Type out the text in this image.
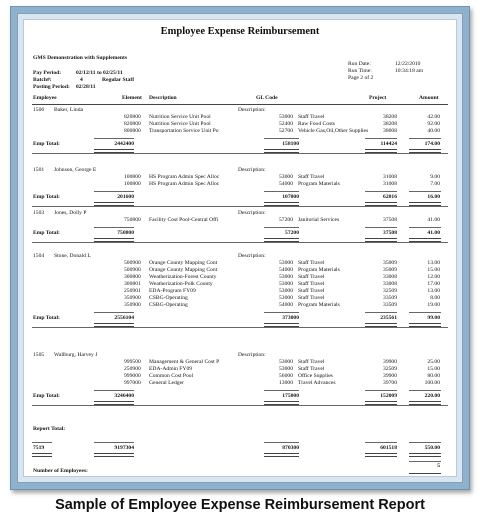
Employee Expense Reimbursement
GMS Demonstration with Supplements
Pay Period:	02/12/11 to 02/25/11
Batch#:	4	Regular Staff
Posting Period: 02/28/11
Run Date:	12/22/2010
Run Time:	10:34:18 am
Page 2 of 2
Employee	Element Description	GL Code	Project	Amount
1506 Baker, Linda	Description:
820800 Nutrition Service Unit Pool	53000 Staff Travel	38208	42.00
820800 Nutrition Service Unit Pool	52400 Raw Food Costs	38208	92.00
800800 Transportation Service Unit Po	52700 Vehicle Gas,Oil,Other Supplies	38008	40.00
Emp Total:	2442400	158100	114424	174.00
1501 Johnson, George E	Description:
100800 HS Program Admin Spec Alloc	53000 Staff Travel	31008	9.00
100800 HS Program Admin Spec Alloc	54000 Program Materials	31008	7.00
Emp Total:	201600	107000	62016	16.00
1503 Jones, Dolly P	Description:
750800 Facility Cost Pool-Central Offi	57200 Janitorial Services	37508	41.00
Emp Total:	750800	57200	37508	41.00
1504 Stone, Donald L	Description:
500900 Orange County Mapping Cont	53000 Staff Travel	35009	13.00
500900 Orange County Mapping Cont	54000 Program Materials	35009	15.00
300800 Weatherization-Forest County	53000 Staff Travel	33008	12.00
300801 Weatherization-Polk County	53000 Staff Travel	33008	17.00
250901 EDA-Program FY09	53000 Staff Travel	32509	13.00
350900 CSBG-Operating	53000 Staff Travel	33509	8.00
350900 CSBG-Operating	54000 Program Materials	33509	19.00
Emp Total:	2556104	373000	235561	99.00
1505 Wallburg, Harvey J	Description:
999500 Management & General Cost P	53000 Staff Travel	39900	25.00
250900 EDA-Admin FY09	53000 Staff Travel	32509	15.00
999000 Common Cost Pool	56000 Office Supplies	39900	80.00
997000 General Ledger	13000 Travel Advances	39700	100.00
Emp Total:	3246400	175000	152009	220.00
Report Total:
7519	9197304	870300	601518	550.00
5
Number of Employees:
Sample of Employee Expense Reimbursement Report
